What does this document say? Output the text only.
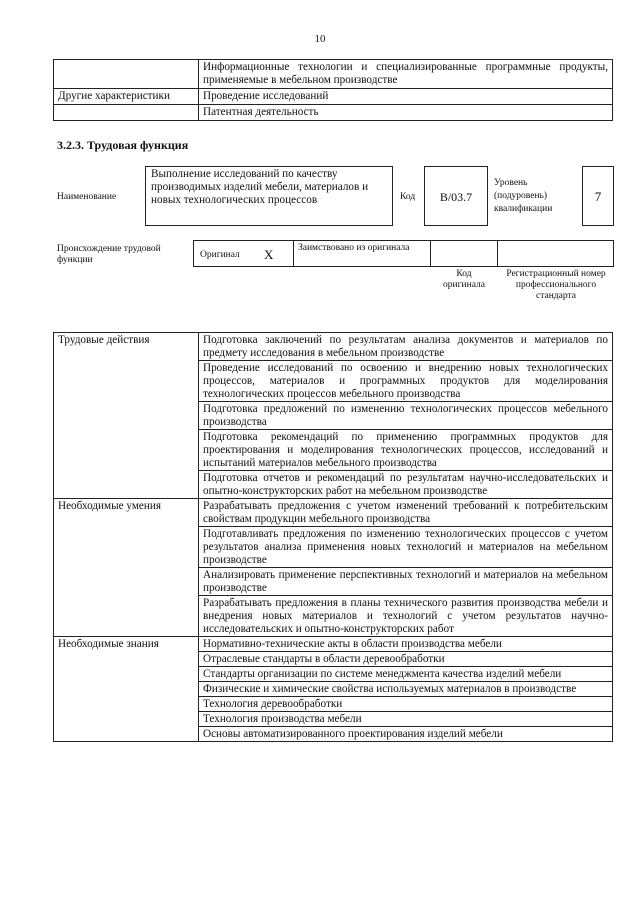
10
	Информационные технологии и специализированные программные продукты, применяемые в мебельном производстве
Другие характеристики	Проведение исследований
	Патентная деятельность
3.2.3. Трудовая функция
Наименование
Выполнение исследований по качеству производимых изделий мебели, материалов и новых технологических процессов	Код	B/03.7
Уровень (подуровень) квалификации
7
Происхождение трудовой функции	Оригинал X	Заимствовано из оригинала
Код оригинала
Регистрационный номер профессионального стандарта
Трудовые действия	Подготовка заключений по результатам анализа документов и материалов по предмету исследования в мебельном производстве
	Проведение исследований по освоению и внедрению новых технологических процессов, материалов и программных продуктов для моделирования технологических процессов мебельного производства
	Подготовка предложений по изменению технологических процессов мебельного производства
	Подготовка рекомендаций по применению программных продуктов для проектирования и моделирования технологических процессов, исследований и испытаний материалов мебельного производства
	Подготовка отчетов и рекомендаций по результатам научно-исследовательских и опытно-конструкторских работ на мебельном производстве
Необходимые умения	Разрабатывать предложения с учетом изменений требований к потребительским свойствам продукции мебельного производства
	Подготавливать предложения по изменению технологических процессов с учетом результатов анализа применения новых технологий и материалов на мебельном производстве
	Анализировать применение перспективных технологий и материалов на мебельном производстве
	Разрабатывать предложения в планы технического развития производства мебели и внедрения новых материалов и технологий с учетом результатов научно-исследовательских и опытно-конструкторских работ
Необходимые знания	Нормативно-технические акты в области производства мебели
	Отраслевые стандарты в области деревообработки
	Стандарты организации по системе менеджмента качества изделий мебели
	Физические и химические свойства используемых материалов в производстве
	Технология деревообработки
	Технология производства мебели
	Основы автоматизированного проектирования изделий мебели
